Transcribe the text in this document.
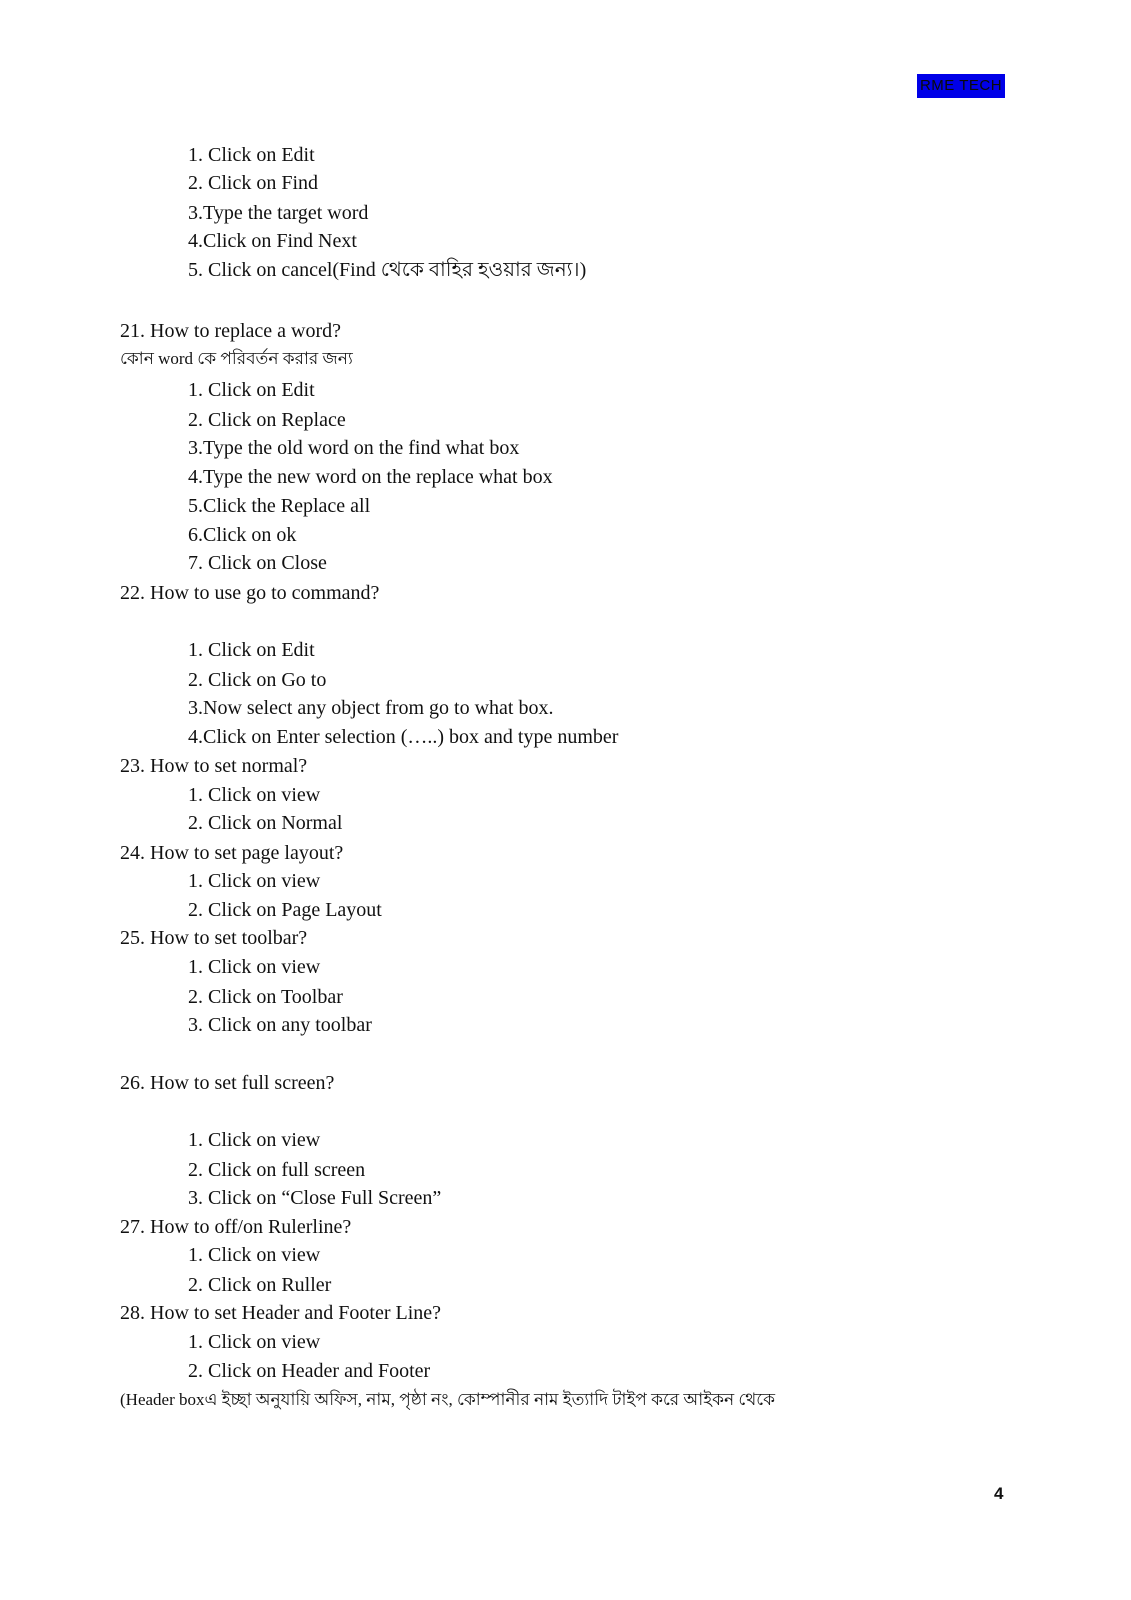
RME TECH
1. Click on Edit
2. Click on Find
3.Type the target word
4.Click on Find Next
5. Click on cancel(Find থেকে বাহির হওয়ার জন্য।)
21. How to replace a word?
কোন word কে পরিবর্তন করার জন্য
1. Click on Edit
2. Click on Replace
3.Type the old word on the find what box
4.Type the new word on the replace what box
5.Click the Replace all
6.Click on ok
7. Click on Close
22. How to use go to command?
1. Click on Edit
2. Click on Go to
3.Now select any object from go to what box.
4.Click on Enter selection (…..) box and type number
23. How to set normal?
1. Click on view
2. Click on Normal
24. How to set page layout?
1. Click on view
2. Click on Page Layout
25. How to set toolbar?
1. Click on view
2. Click on Toolbar
3. Click on any toolbar
26. How to set full screen?
1. Click on view
2. Click on full screen
3. Click on “Close Full Screen”
27. How to off/on Rulerline?
1. Click on view
2. Click on Ruller
28. How to set Header and Footer Line?
1. Click on view
2. Click on Header and Footer
(Header boxএ ইচ্ছা অনুযায়ি অফিস, নাম, পৃষ্ঠা নং, কোম্পানীর নাম ইত্যাদি টাইপ করে আইকন থেকে
4
